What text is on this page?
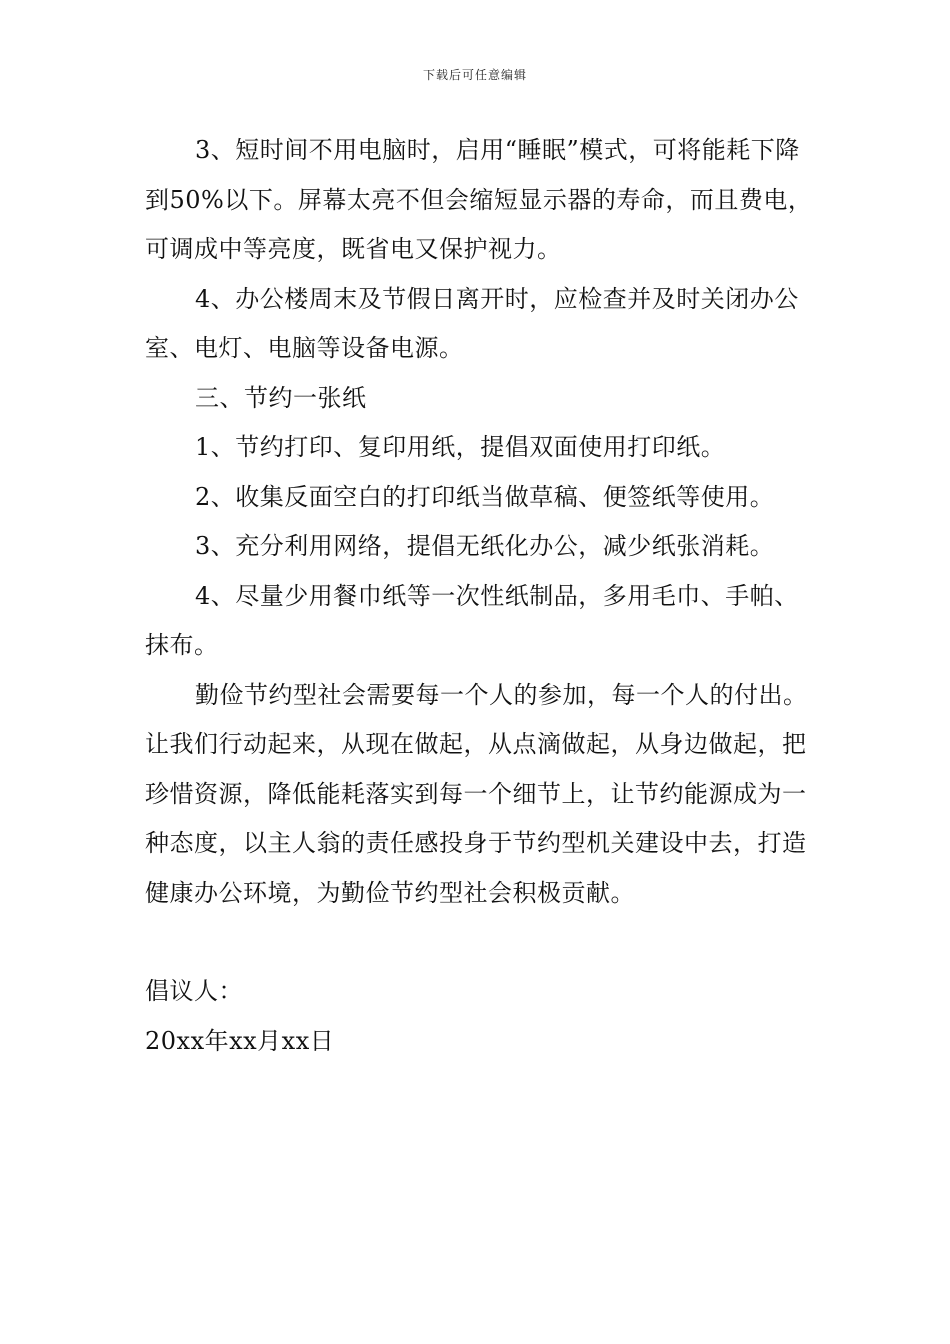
下载后可任意编辑

3、短时间不用电脑时，启用“睡眠”模式，可将能耗下降到50%以下。屏幕太亮不但会缩短显示器的寿命，而且费电，可调成中等亮度，既省电又保护视力。

4、办公楼周末及节假日离开时，应检查并及时关闭办公室、电灯、电脑等设备电源。

三、节约一张纸

1、节约打印、复印用纸，提倡双面使用打印纸。

2、收集反面空白的打印纸当做草稿、便签纸等使用。

3、充分利用网络，提倡无纸化办公，减少纸张消耗。

4、尽量少用餐巾纸等一次性纸制品，多用毛巾、手帕、抹布。

勤俭节约型社会需要每一个人的参加，每一个人的付出。让我们行动起来，从现在做起，从点滴做起，从身边做起，把珍惜资源，降低能耗落实到每一个细节上，让节约能源成为一种态度，以主人翁的责任感投身于节约型机关建设中去，打造健康办公环境，为勤俭节约型社会积极贡献。

倡议人：

20xx年xx月xx日
